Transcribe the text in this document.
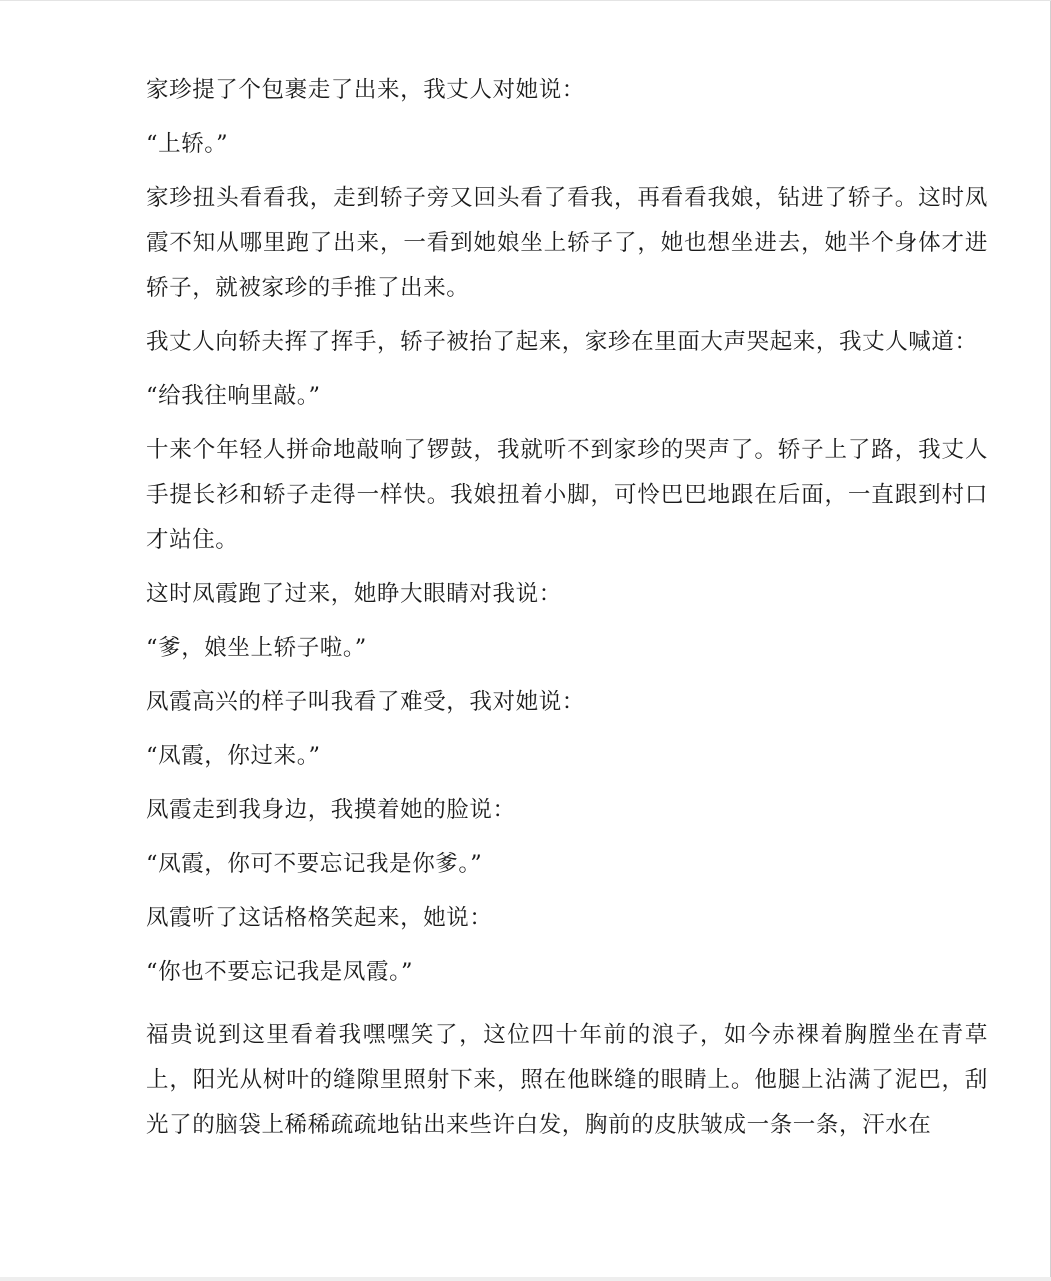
家珍提了个包裹走了出来，我丈人对她说：

“上轿。”

家珍扭头看看我，走到轿子旁又回头看了看我，再看看我娘，钻进了轿子。这时凤霞不知从哪里跑了出来，一看到她娘坐上轿子了，她也想坐进去，她半个身体才进轿子，就被家珍的手推了出来。

我丈人向轿夫挥了挥手，轿子被抬了起来，家珍在里面大声哭起来，我丈人喊道：

“给我往响里敲。”

十来个年轻人拼命地敲响了锣鼓，我就听不到家珍的哭声了。轿子上了路，我丈人手提长衫和轿子走得一样快。我娘扭着小脚，可怜巴巴地跟在后面，一直跟到村口才站住。

这时凤霞跑了过来，她睁大眼睛对我说：

“爹，娘坐上轿子啦。”

凤霞高兴的样子叫我看了难受，我对她说：

“凤霞，你过来。”

凤霞走到我身边，我摸着她的脸说：

“凤霞，你可不要忘记我是你爹。”

凤霞听了这话格格笑起来，她说：

“你也不要忘记我是凤霞。”

福贵说到这里看着我嘿嘿笑了，这位四十年前的浪子，如今赤裸着胸膛坐在青草上，阳光从树叶的缝隙里照射下来，照在他眯缝的眼睛上。他腿上沾满了泥巴，刮光了的脑袋上稀稀疏疏地钻出来些许白发，胸前的皮肤皱成一条一条，汗水在
